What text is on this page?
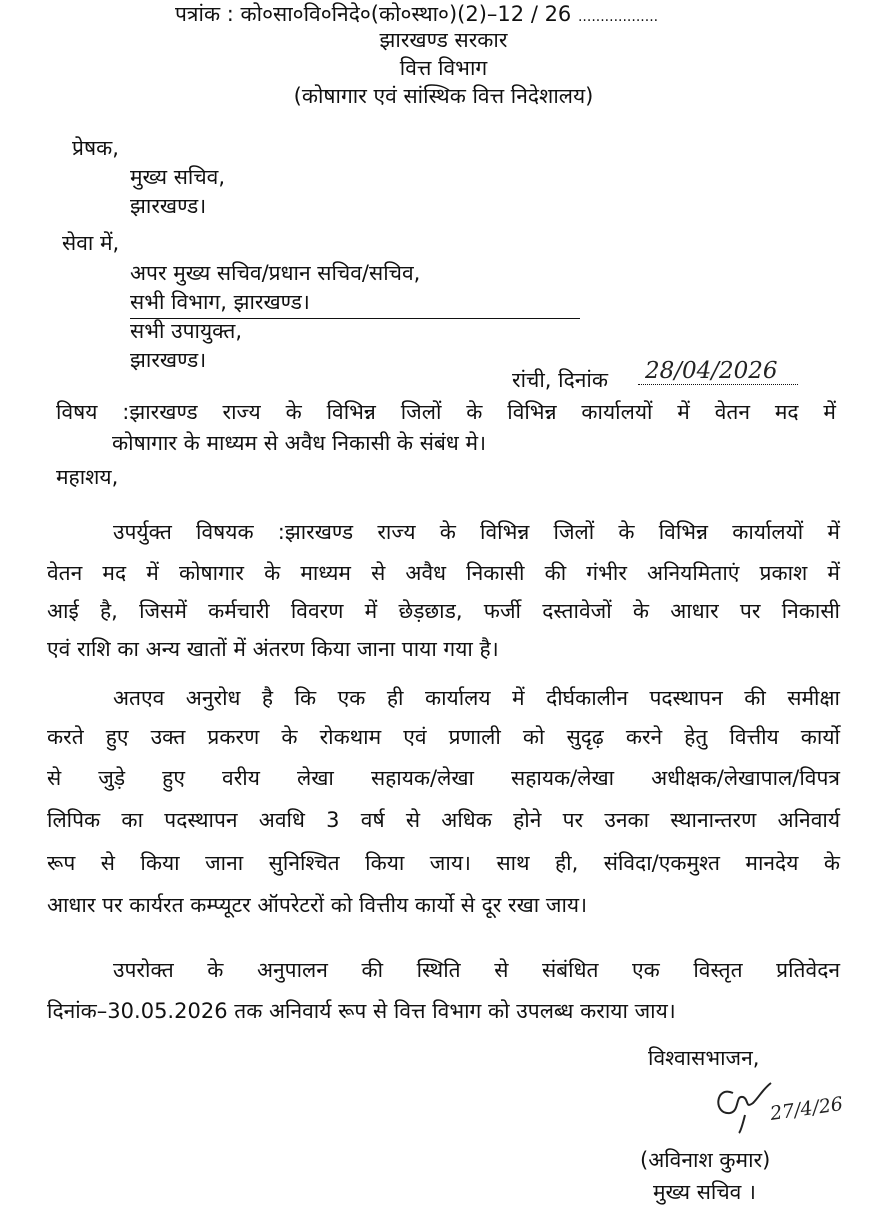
पत्रांक : को०सा०वि०निदे०(को०स्था०)(2)–12 / 26 ..................
झारखण्ड सरकार
वित्त विभाग
(कोषागार एवं सांस्थिक वित्त निदेशालय)
प्रेषक,
मुख्य सचिव,
झारखण्ड।
सेवा में,
अपर मुख्य सचिव/प्रधान सचिव/सचिव,
सभी विभाग, झारखण्ड।
सभी उपायुक्त,
झारखण्ड।
रांची, दिनांक 28/04/2026
विषय :झारखण्ड राज्य के विभिन्न जिलों के विभिन्न कार्यालयों में वेतन मद में
कोषागार के माध्यम से अवैध निकासी के संबंध मे।
महाशय,
उपर्युक्त विषयक :झारखण्ड राज्य के विभिन्न जिलों के विभिन्न कार्यालयों में
वेतन मद में कोषागार के माध्यम से अवैध निकासी की गंभीर अनियमिताएं प्रकाश में
आई है, जिसमें कर्मचारी विवरण में छेड़छाड, फर्जी दस्तावेजों के आधार पर निकासी
एवं राशि का अन्य खातों में अंतरण किया जाना पाया गया है।
अतएव अनुरोध है कि एक ही कार्यालय में दीर्घकालीन पदस्थापन की समीक्षा
करते हुए उक्त प्रकरण के रोकथाम एवं प्रणाली को सुदृढ़ करने हेतु वित्तीय कार्यो
से जुड़े हुए वरीय लेखा सहायक/लेखा सहायक/लेखा अधीक्षक/लेखापाल/विपत्र
लिपिक का पदस्थापन अवधि 3 वर्ष से अधिक होने पर उनका स्थानान्तरण अनिवार्य
रूप से किया जाना सुनिश्चित किया जाय। साथ ही, संविदा/एकमुश्त मानदेय के
आधार पर कार्यरत कम्प्यूटर ऑपरेटरों को वित्तीय कार्यो से दूर रखा जाय।
उपरोक्त के अनुपालन की स्थिति से संबंधित एक विस्तृत प्रतिवेदन
दिनांक–30.05.2026 तक अनिवार्य रूप से वित्त विभाग को उपलब्ध कराया जाय।
विश्वासभाजन,
27/4/26
(अविनाश कुमार)
मुख्य सचिव ।
